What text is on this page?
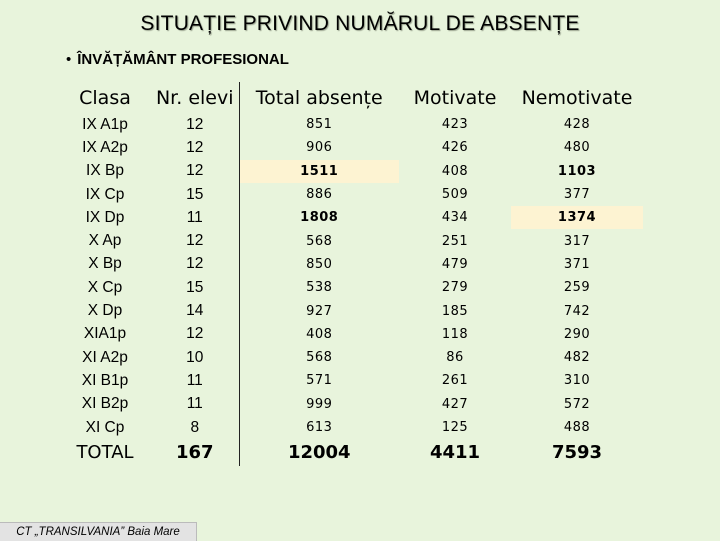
SITUAȚIE PRIVIND NUMĂRUL DE ABSENȚE
• ÎNVĂȚĂMÂNT PROFESIONAL
Clasa	Nr. elevi	Total absențe	Motivate	Nemotivate
IX A1p	12	851	423	428
IX A2p	12	906	426	480
IX Bp	12	1511	408	1103
IX Cp	15	886	509	377
IX Dp	11	1808	434	1374
X Ap	12	568	251	317
X Bp	12	850	479	371
X Cp	15	538	279	259
X Dp	14	927	185	742
XIA1p	12	408	118	290
XI A2p	10	568	86	482
XI B1p	11	571	261	310
XI B2p	11	999	427	572
XI Cp	8	613	125	488
TOTAL	167	12004	4411	7593
CT „TRANSILVANIA” Baia Mare
